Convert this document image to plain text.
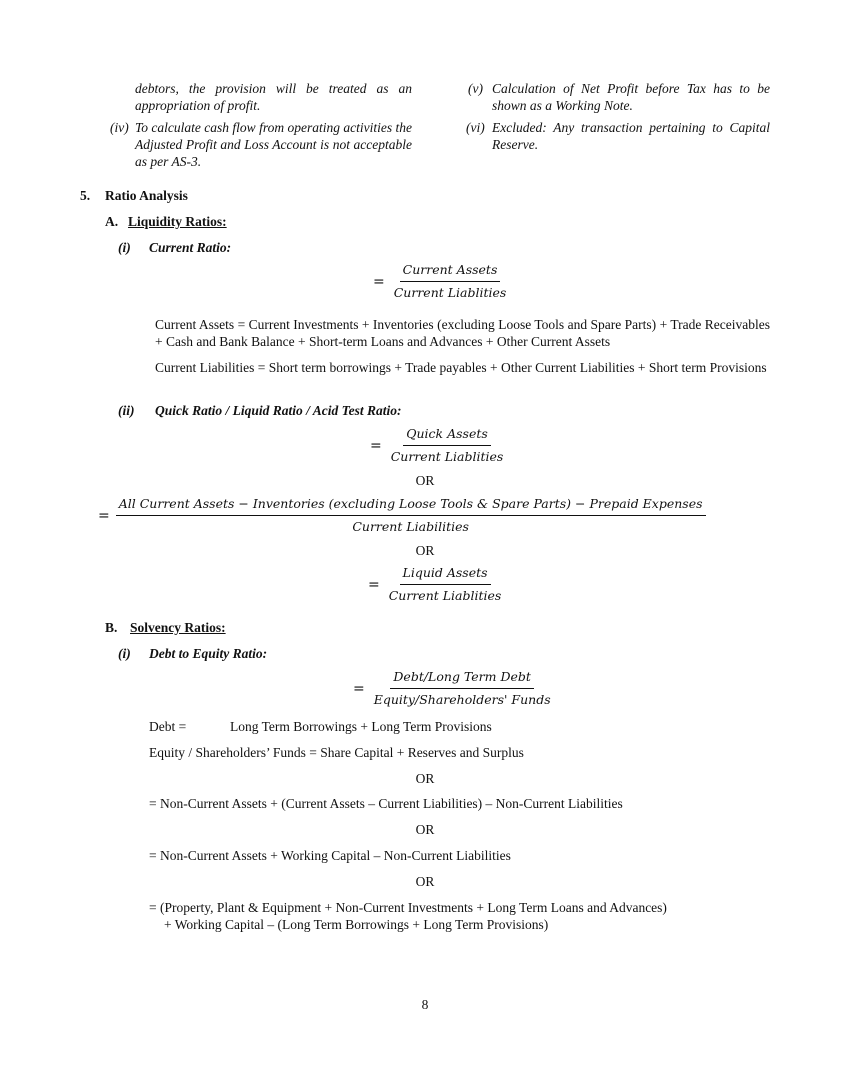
debtors, the provision will be treated as an appropriation of profit.
(iv) To calculate cash flow from operating activities the Adjusted Profit and Loss Account is not acceptable as per AS-3.
(v) Calculation of Net Profit before Tax has to be shown as a Working Note.
(vi) Excluded: Any transaction pertaining to Capital Reserve.
5. Ratio Analysis
A. Liquidity Ratios:
(i) Current Ratio:
=
Current Assets
Current Liablities
Current Assets = Current Investments + Inventories (excluding Loose Tools and Spare Parts) + Trade Receivables + Cash and Bank Balance + Short-term Loans and Advances + Other Current Assets
Current Liabilities = Short term borrowings + Trade payables + Other Current Liabilities + Short term Provisions
(ii) Quick Ratio / Liquid Ratio / Acid Test Ratio:
=
Quick Assets
Current Liablities
OR
=
All Current Assets − Inventories (excluding Loose Tools & Spare Parts) − Prepaid Expenses
Current Liabilities
OR
=
Liquid Assets
Current Liablities
B. Solvency Ratios:
(i) Debt to Equity Ratio:
=
Debt/Long Term Debt
Equity/Shareholders' Funds
Debt =	Long Term Borrowings + Long Term Provisions
Equity / Shareholders’ Funds = Share Capital + Reserves and Surplus
OR
= Non-Current Assets + (Current Assets – Current Liabilities) – Non-Current Liabilities
OR
= Non-Current Assets + Working Capital – Non-Current Liabilities
OR
= (Property, Plant & Equipment + Non-Current Investments + Long Term Loans and Advances)
+ Working Capital – (Long Term Borrowings + Long Term Provisions)
8
